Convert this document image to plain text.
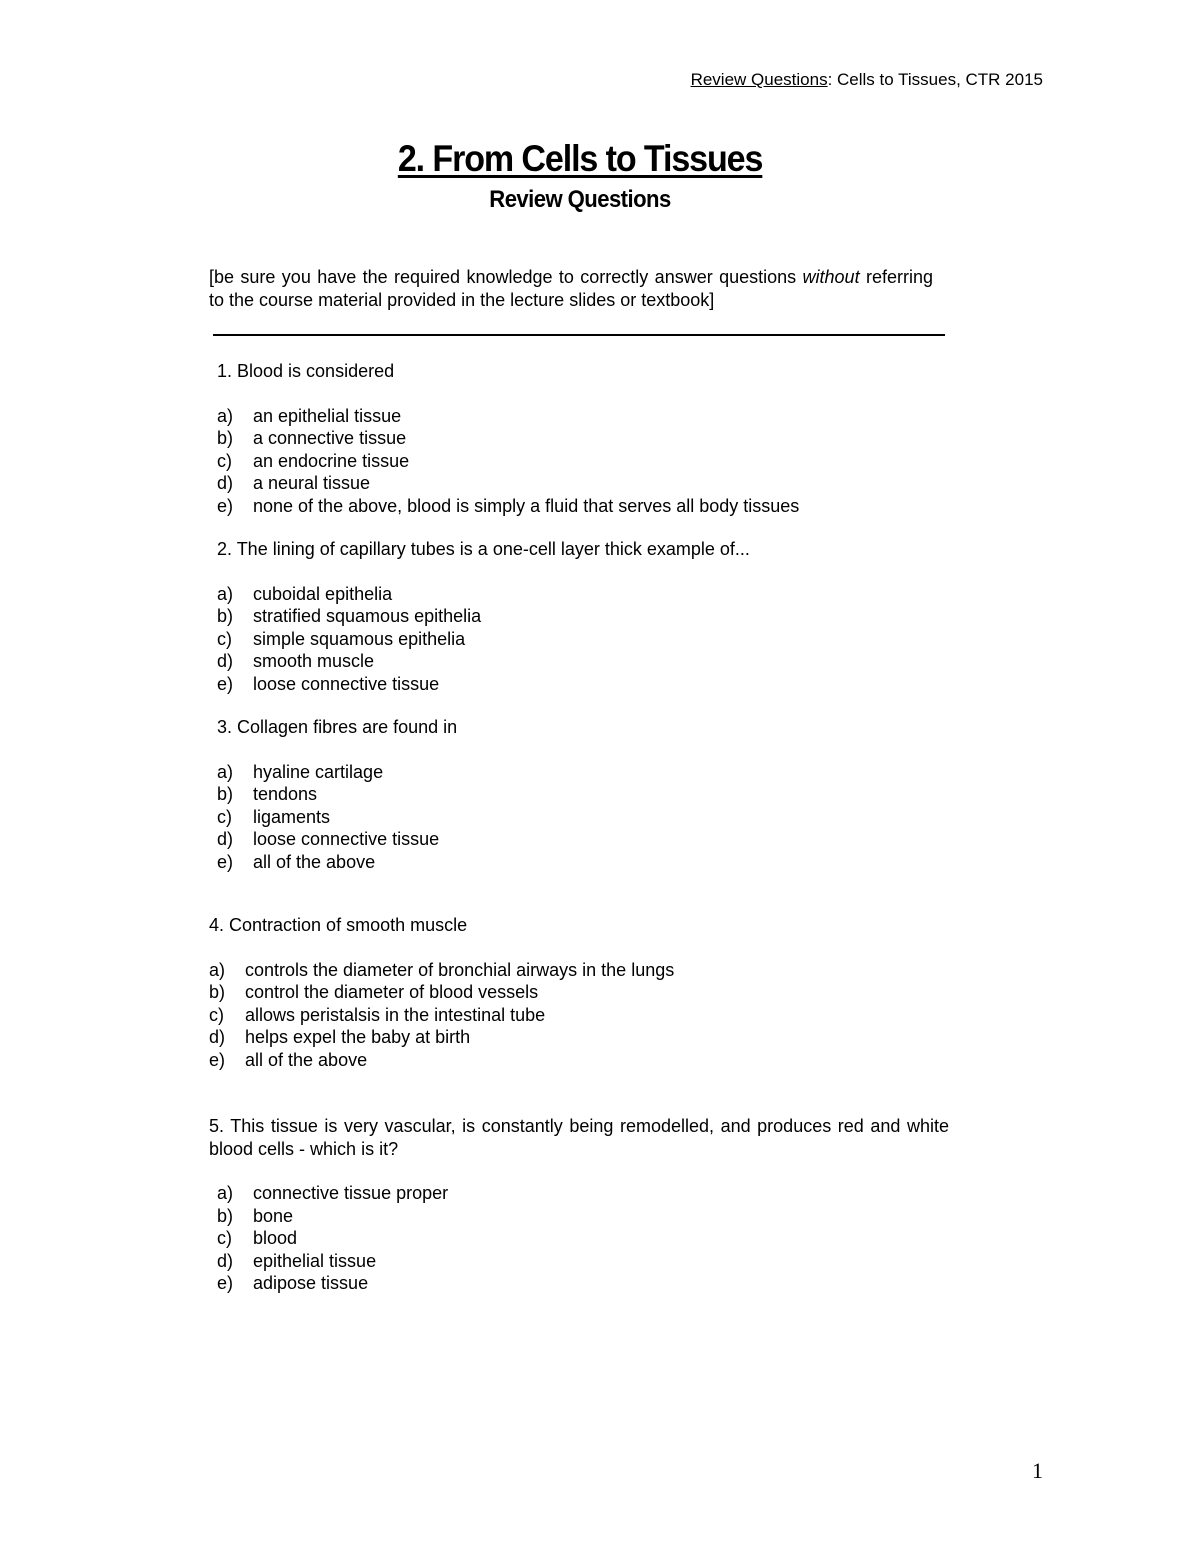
Review Questions: Cells to Tissues, CTR 2015
2. From Cells to Tissues
Review Questions
[be sure you have the required knowledge to correctly answer questions without referring to the course material provided in the lecture slides or textbook]

1. Blood is considered

a)	an epithelial tissue
b)	a connective tissue
c)	an endocrine tissue
d)	a neural tissue
e)	none of the above, blood is simply a fluid that serves all body tissues

2. The lining of capillary tubes is a one-cell layer thick example of...

a)	cuboidal epithelia
b)	stratified squamous epithelia
c)	simple squamous epithelia
d)	smooth muscle
e)	loose connective tissue

3. Collagen fibres are found in

a)	hyaline cartilage
b)	tendons
c)	ligaments
d)	loose connective tissue
e)	all of the above

4. Contraction of smooth muscle

a)	controls the diameter of bronchial airways in the lungs
b)	control the diameter of blood vessels
c)	allows peristalsis in the intestinal tube
d)	helps expel the baby at birth
e)	all of the above

5. This tissue is very vascular, is constantly being remodelled, and produces red and white blood cells - which is it?

a)	connective tissue proper
b)	bone
c)	blood
d)	epithelial tissue
e)	adipose tissue
1
